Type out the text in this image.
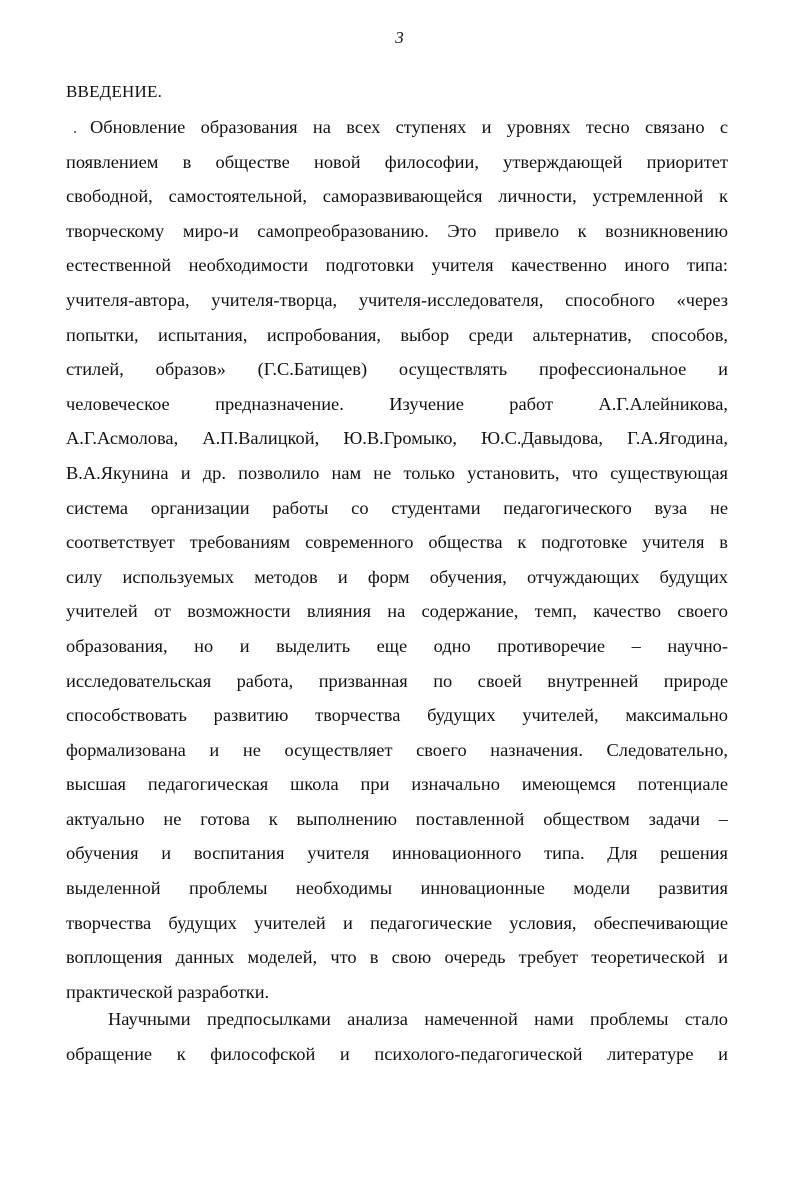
3
ВВЕДЕНИЕ.
Обновление образования на всех ступенях и уровнях тесно связано с
появлением в обществе новой философии, утверждающей приоритет
свободной, самостоятельной, саморазвивающейся личности, устремленной к
творческому миро-и самопреобразованию. Это привело к возникновению
естественной необходимости подготовки учителя качественно иного типа:
учителя-автора, учителя-творца, учителя-исследователя, способного «через
попытки, испытания, испробования, выбор среди альтернатив, способов,
стилей, образов» (Г.С.Батищев) осуществлять профессиональное и
человеческое предназначение. Изучение работ А.Г.Алейникова,
А.Г.Асмолова, А.П.Валицкой, Ю.В.Громыко, Ю.С.Давыдова, Г.А.Ягодина,
В.А.Якунина и др. позволило нам не только установить, что существующая
система организации работы со студентами педагогического вуза не
соответствует требованиям современного общества к подготовке учителя в
силу используемых методов и форм обучения, отчуждающих будущих
учителей от возможности влияния на содержание, темп, качество своего
образования, но и выделить еще одно противоречие – научно-
исследовательская работа, призванная по своей внутренней природе
способствовать развитию творчества будущих учителей, максимально
формализована и не осуществляет своего назначения. Следовательно,
высшая педагогическая школа при изначально имеющемся потенциале
актуально не готова к выполнению поставленной обществом задачи –
обучения и воспитания учителя инновационного типа. Для решения
выделенной проблемы необходимы инновационные модели развития
творчества будущих учителей и педагогические условия, обеспечивающие
воплощения данных моделей, что в свою очередь требует теоретической и
практической разработки.
Научными предпосылками анализа намеченной нами проблемы стало
обращение к философской и психолого-педагогической литературе и
